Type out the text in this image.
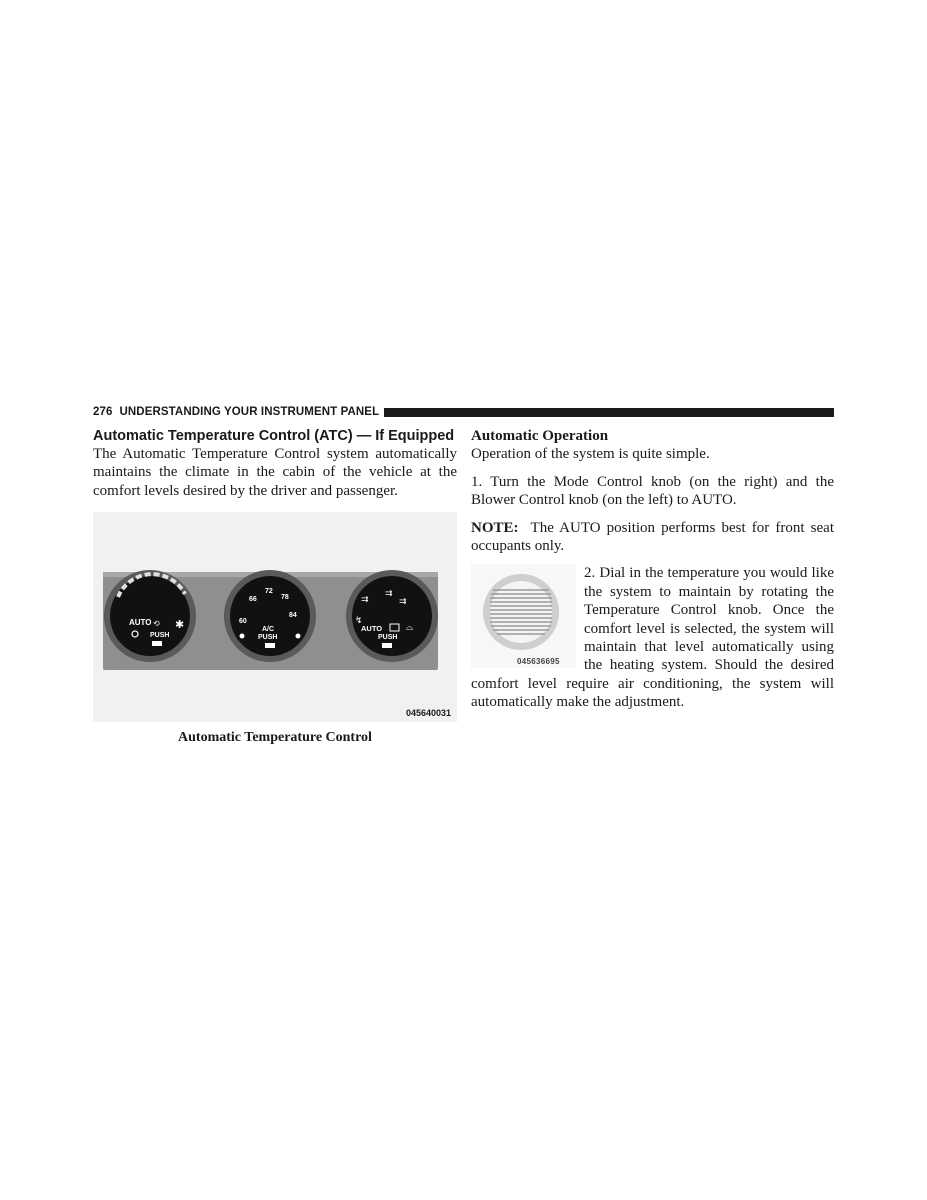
276 UNDERSTANDING YOUR INSTRUMENT PANEL
Automatic Temperature Control (ATC) — If Equipped

The Automatic Temperature Control system automatically maintains the climate in the cabin of the vehicle at the comfort levels desired by the driver and passenger.

AUTO
PUSH
✱
⟲	60
66
72
78
84
A/C
PUSH
⇉
⇉
⇉
↯
AUTO	⌓
PUSH
045640031
Automatic Temperature Control
Automatic Operation

Operation of the system is quite simple.

1. Turn the Mode Control knob (on the right) and the Blower Control knob (on the left) to AUTO.

NOTE: The AUTO position performs best for front seat occupants only.

045636695

2. Dial in the temperature you would like the system to maintain by rotating the Temperature Control knob. Once the comfort level is selected, the system will maintain that level automatically using the heating system. Should the desired comfort level require air conditioning, the system will automatically make the adjustment.
